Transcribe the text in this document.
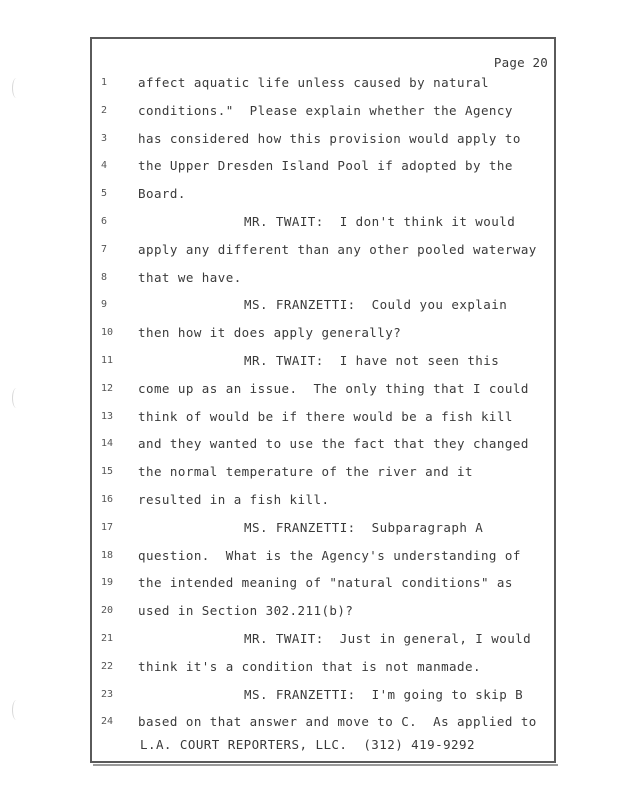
Page 20
1	affect aquatic life unless caused by natural
2	conditions."  Please explain whether the Agency
3	has considered how this provision would apply to
4	the Upper Dresden Island Pool if adopted by the
5	Board.
6	MR. TWAIT:  I don't think it would
7	apply any different than any other pooled waterway
8	that we have.
9	MS. FRANZETTI:  Could you explain
10	then how it does apply generally?
11	MR. TWAIT:  I have not seen this
12	come up as an issue.  The only thing that I could
13	think of would be if there would be a fish kill
14	and they wanted to use the fact that they changed
15	the normal temperature of the river and it
16	resulted in a fish kill.
17	MS. FRANZETTI:  Subparagraph A
18	question.  What is the Agency's understanding of
19	the intended meaning of "natural conditions" as
20	used in Section 302.211(b)?
21	MR. TWAIT:  Just in general, I would
22	think it's a condition that is not manmade.
23	MS. FRANZETTI:  I'm going to skip B
24	based on that answer and move to C.  As applied to
L.A. COURT REPORTERS, LLC.  (312) 419-9292
